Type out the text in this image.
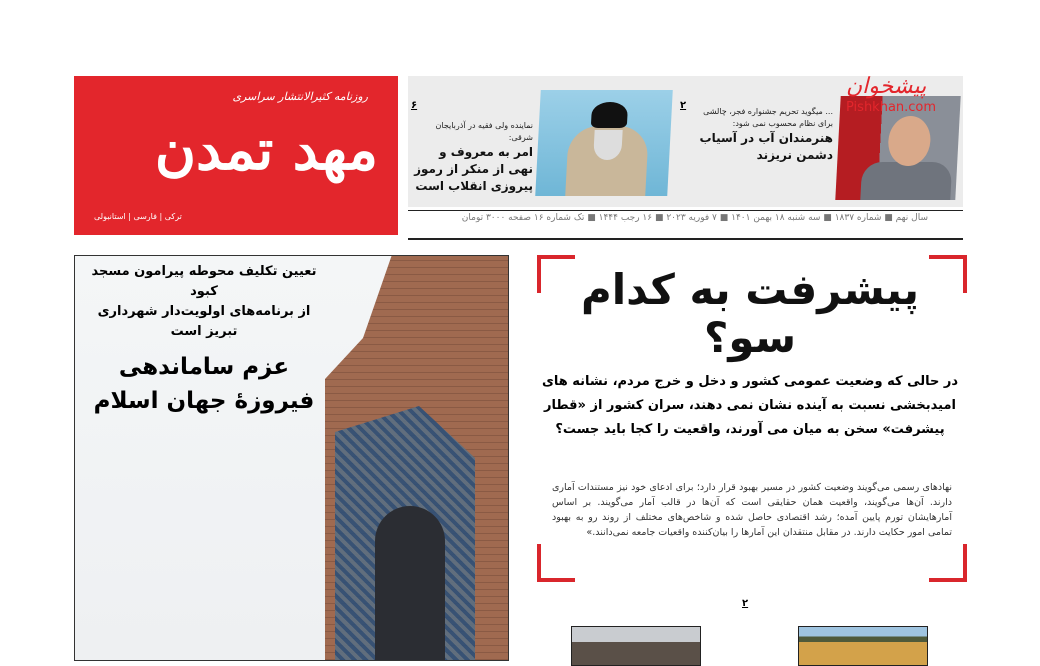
روزنامه کثیرالانتشار سراسری
مهد تمدن
ترکی | فارسی | استانبولی
... میگوید تحریم جشنواره فجر، چالشی برای نظام محسوب نمی شود:
هنرمندان آب در آسیاب دشمن نریزند
۲
نماینده ولی فقیه در آذربایجان شرقی:
امر به معروف و نهی از منکر از رموز پیروزی انقلاب است
۶
پیشخوان
Pishkhan.com
سال نهم ■ شماره ۱۸۳۷ ■ سه شنبه ۱۸ بهمن ۱۴۰۱ ■ ۷ فوریه ۲۰۲۳ ■ ۱۶ رجب ۱۴۴۴ ■ تک شماره ۱۶ صفحه ۳۰۰۰ تومان
تعیین تکلیف محوطه پیرامون مسجد کبود
از برنامه‌های اولویت‌دار شهرداری تبریز است
عزم ساماندهی
فیروزۀ جهان اسلام
پیشرفت به کدام سو؟
در حالی که وضعیت عمومی کشور و دخل و خرج مردم، نشانه های امیدبخشی نسبت به آینده نشان نمی دهند، سران کشور از «قطار پیشرفت» سخن به میان می آورند، واقعیت را کجا باید جست؟
نهادهای رسمی می‌گویند وضعیت کشور در مسیر بهبود قرار دارد؛ برای ادعای خود نیز مستندات آماری دارند. آن‌ها می‌گویند، واقعیت همان حقایقی است که آن‌ها در قالب آمار می‌گویند. بر اساس آمارهایشان تورم پایین آمده؛ رشد اقتصادی حاصل شده و شاخص‌های مختلف از روند رو به بهبود تمامی امور حکایت دارند. در مقابل منتقدان این آمارها را بیان‌کننده واقعیات جامعه نمی‌دانند.»
۲
